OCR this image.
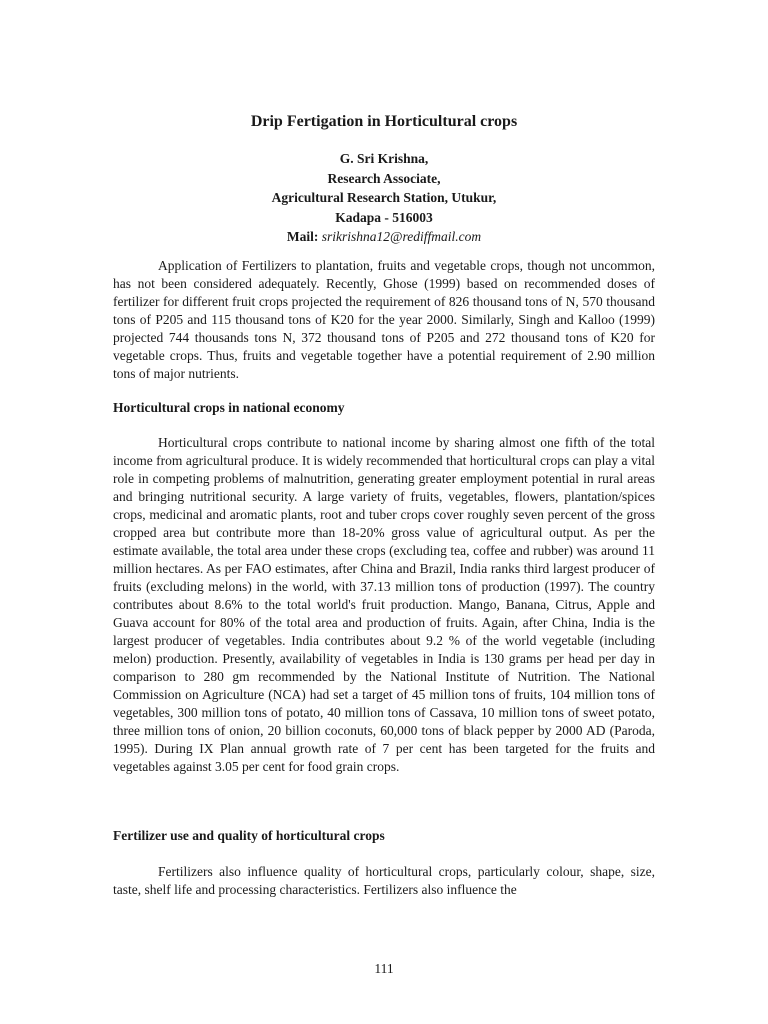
Drip Fertigation in Horticultural crops
G. Sri Krishna,
Research Associate,
Agricultural Research Station, Utukur,
Kadapa - 516003
Mail: srikrishna12@rediffmail.com

Application of Fertilizers to plantation, fruits and vegetable crops, though not uncommon, has not been considered adequately. Recently, Ghose (1999) based on recommended doses of fertilizer for different fruit crops projected the requirement of 826 thousand tons of N, 570 thousand tons of P205 and 115 thousand tons of K20 for the year 2000. Similarly, Singh and Kalloo (1999) projected 744 thousands tons N, 372 thousand tons of P205 and 272 thousand tons of K20 for vegetable crops. Thus, fruits and vegetable together have a potential requirement of 2.90 million tons of major nutrients.

Horticultural crops in national economy

Horticultural crops contribute to national income by sharing almost one fifth of the total income from agricultural produce. It is widely recommended that horticultural crops can play a vital role in competing problems of malnutrition, generating greater employment potential in rural areas and bringing nutritional security. A large variety of fruits, vegetables, flowers, plantation/spices crops, medicinal and aromatic plants, root and tuber crops cover roughly seven percent of the gross cropped area but contribute more than 18-20% gross value of agricultural output. As per the estimate available, the total area under these crops (excluding tea, coffee and rubber) was around 11 million hectares. As per FAO estimates, after China and Brazil, India ranks third largest producer of fruits (excluding melons) in the world, with 37.13 million tons of production (1997). The country contributes about 8.6% to the total world's fruit production. Mango, Banana, Citrus, Apple and Guava account for 80% of the total area and production of fruits. Again, after China, India is the largest producer of vegetables. India contributes about 9.2 % of the world vegetable (including melon) production. Presently, availability of vegetables in India is 130 grams per head per day in comparison to 280 gm recommended by the National Institute of Nutrition. The National Commission on Agriculture (NCA) had set a target of 45 million tons of fruits, 104 million tons of vegetables, 300 million tons of potato, 40 million tons of Cassava, 10 million tons of sweet potato, three million tons of onion, 20 billion coconuts, 60,000 tons of black pepper by 2000 AD (Paroda, 1995). During IX Plan annual growth rate of 7 per cent has been targeted for the fruits and vegetables against 3.05 per cent for food grain crops.

Fertilizer use and quality of horticultural crops

Fertilizers also influence quality of horticultural crops, particularly colour, shape, size, taste, shelf life and processing characteristics. Fertilizers also influence the

111
